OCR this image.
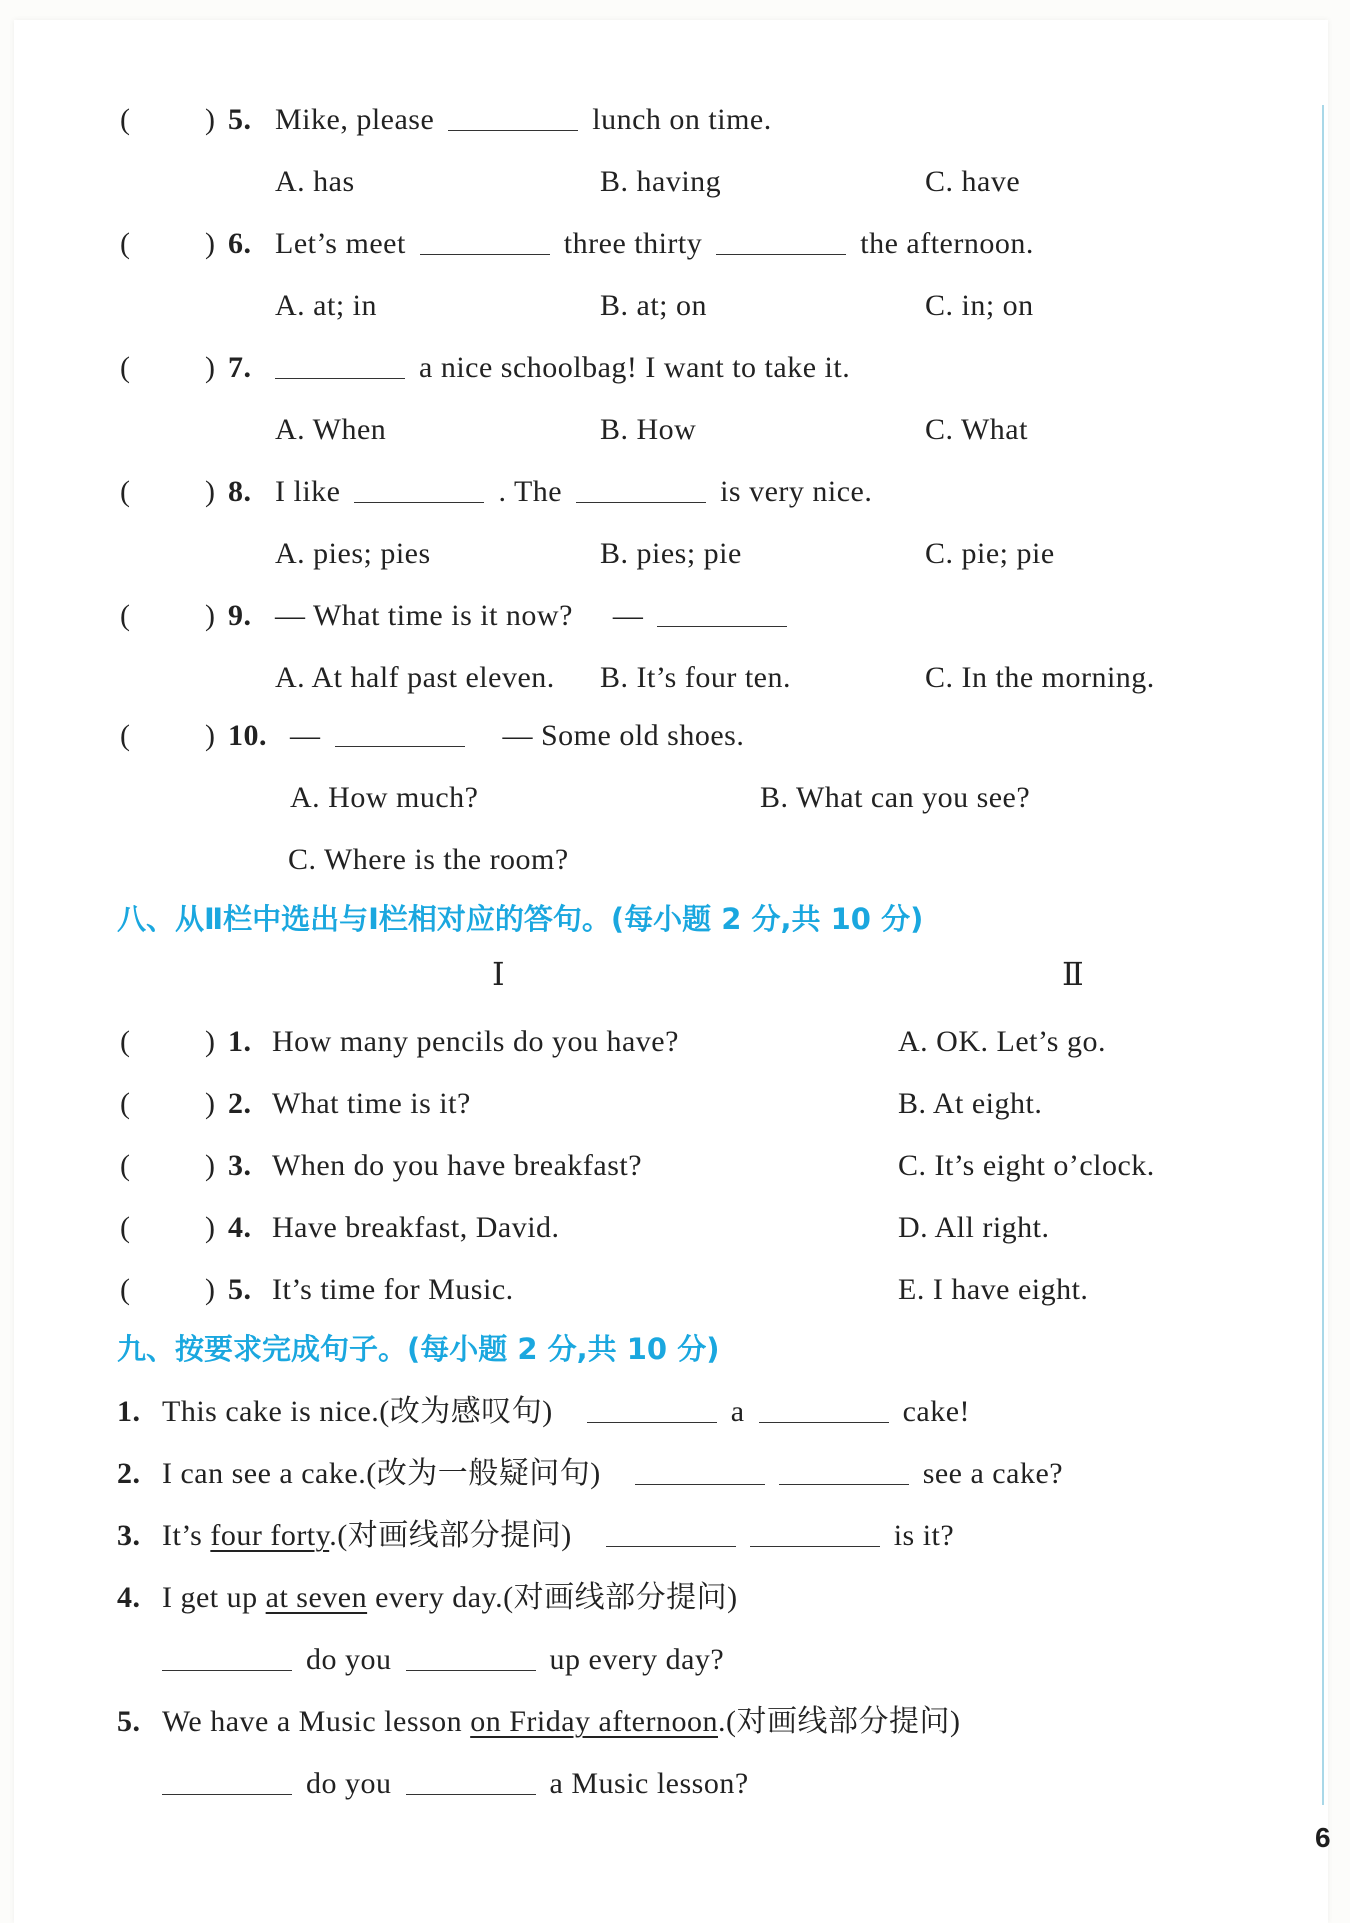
( ) 5. Mike, please	lunch on time.
A. has	B. having	C. have
( ) 6. Let’s meet	three thirty	the afternoon.
A. at; in	B. at; on	C. in; on
( ) 7.	a nice schoolbag! I want to take it.
A. When	B. How	C. What
( ) 8. I like	. The	is very nice.
A. pies; pies	B. pies; pie	C. pie; pie
( ) 9. — What time is it now? —
A. At half past eleven. B. It’s four ten.	C. In the morning.
( ) 10. —	— Some old shoes.
A. How much?	B. What can you see?
C. Where is the room?
八、从Ⅱ栏中选出与Ⅰ栏相对应的答句。(每小题 2 分,共 10 分)
Ⅰ	Ⅱ
( ) 1. How many pencils do you have?	A. OK. Let’s go.
( ) 2. What time is it?	B. At eight.
( ) 3. When do you have breakfast?	C. It’s eight o’clock.
( ) 4. Have breakfast, David.	D. All right.
( ) 5. It’s time for Music.	E. I have eight.
九、按要求完成句子。(每小题 2 分,共 10 分)
1. This cake is nice.(改为感叹句)	a	cake!
2. I can see a cake.(改为一般疑问句)	see a cake?
3. It’s four forty.(对画线部分提问)	is it?
4. I get up at seven every day.(对画线部分提问)
do you	up every day?
5. We have a Music lesson on Friday afternoon.(对画线部分提问)
do you	a Music lesson?
6
